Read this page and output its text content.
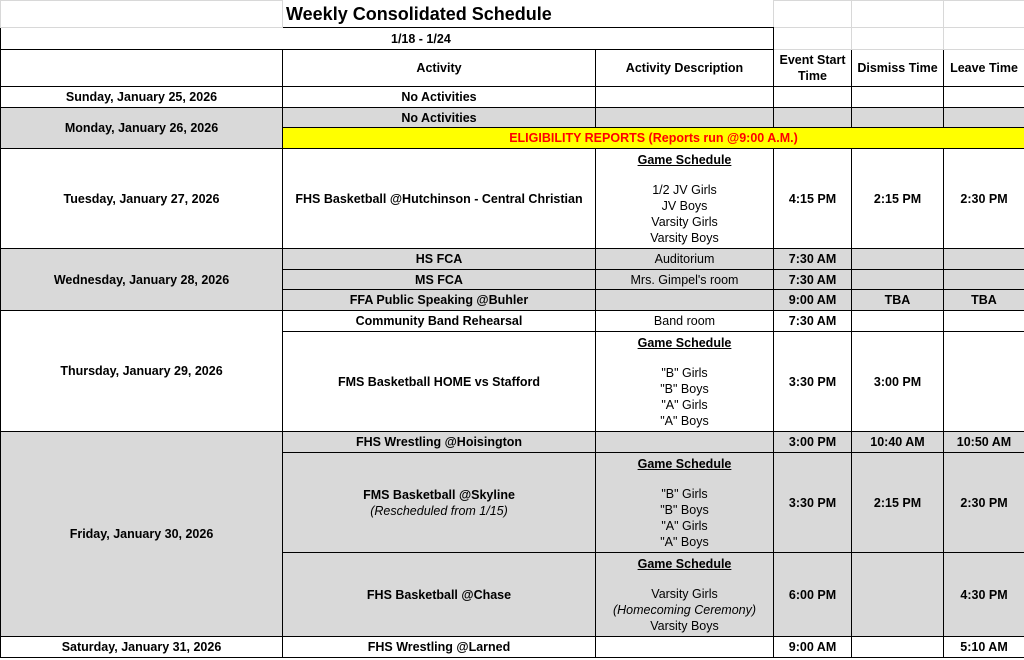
	Weekly Consolidated Schedule				
1/18 - 1/24					
	Activity	Activity Description	Event Start Time	Dismiss Time	Leave Time
Sunday, January 25, 2026	No Activities				
Monday, January 26, 2026	No Activities				
	ELIGIBILITY REPORTS (Reports run @9:00 A.M.)				
Tuesday, January 27, 2026	FHS Basketball @Hutchinson - Central Christian	Game Schedule
1/2 JV Girls
JV Boys
Varsity Girls
Varsity Boys	4:15 PM	2:15 PM	2:30 PM
Wednesday, January 28, 2026	HS FCA	Auditorium	7:30 AM		
	MS FCA	Mrs. Gimpel's room	7:30 AM		
	FFA Public Speaking @Buhler		9:00 AM	TBA	TBA
Thursday, January 29, 2026	Community Band Rehearsal	Band room	7:30 AM		
	FMS Basketball HOME vs Stafford	Game Schedule
"B" Girls
"B" Boys
"A" Girls
"A" Boys	3:30 PM	3:00 PM	
Friday, January 30, 2026	FHS Wrestling @Hoisington		3:00 PM	10:40 AM	10:50 AM

	FMS Basketball @Skyline
(Rescheduled from 1/15)	Game Schedule
"B" Girls
"B" Boys
"A" Girls
"A" Boys	3:30 PM	2:15 PM	2:30 PM
	FHS Basketball @Chase	Game Schedule
Varsity Girls
(Homecoming Ceremony)
Varsity Boys	6:00 PM		4:30 PM
Saturday, January 31, 2026	FHS Wrestling @Larned		9:00 AM		5:10 AM
